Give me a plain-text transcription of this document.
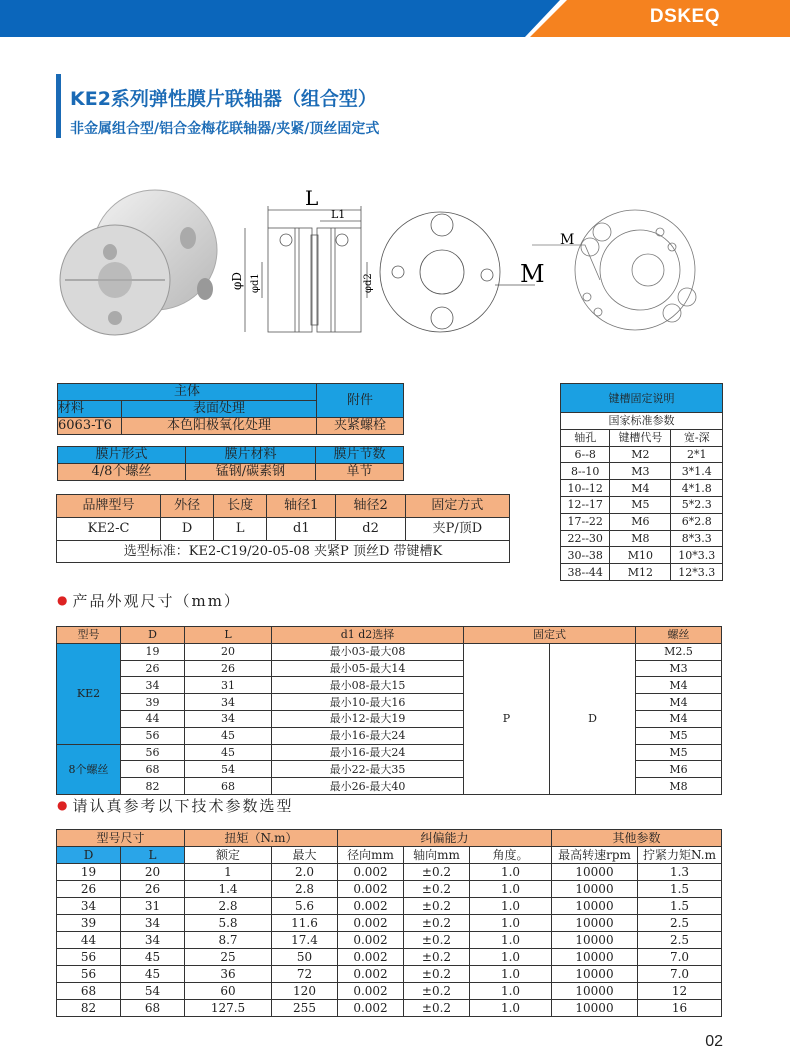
DSKEQ
KE2系列弹性膜片联轴器（组合型）
非金属组合型/铝合金梅花联轴器/夹紧/顶丝固定式
L
L1
φD φd1	φd2	M
M
主体		附件
材料	表面处理	
6063-T6	本色阳极氧化处理	夹紧螺栓
膜片形式	膜片材料	膜片节数
4/8个螺丝	锰钢/碳素钢	单节
品牌型号	外径	长度	轴径1	轴径2	固定方式
KE2-C	D	L	d1	d2	夹P/顶D
选型标准：KE2-C19/20-05-08 夹紧P 顶丝D 带键槽K					
键槽固定说明		
国家标准参数		
轴孔	键槽代号	宽-深
6--8	M2	2*1
8--10	M3	3*1.4
10--12	M4	4*1.8
12--17	M5	5*2.3
17--22	M6	6*2.8
22--30	M8	8*3.3
30--38	M10	10*3.3
38--44	M12	12*3.3
● 产品外观尺寸（mm）
型号	D	L	d1 d2选择	固定式		螺丝
KE2	19	20	最小03-最大08	P	D	M2.5
	26	26	最小05-最大14			M3
	34	31	最小08-最大15			M4
	39	34	最小10-最大16			M4
	44	34	最小12-最大19			M4
	56	45	最小16-最大24			M5
8个螺丝	56	45	最小16-最大24			M5
	68	54	最小22-最大35			M6
	82	68	最小26-最大40			M8
● 请认真参考以下技术参数选型
型号尺寸		扭矩（N.m）		纠偏能力			其他参数	
D	L	额定	最大	径向mm	轴向mm	角度。	最高转速rpm	拧紧力矩N.m
19	20	1	2.0	0.002	±0.2	1.0	10000	1.3
26	26	1.4	2.8	0.002	±0.2	1.0	10000	1.5
34	31	2.8	5.6	0.002	±0.2	1.0	10000	1.5
39	34	5.8	11.6	0.002	±0.2	1.0	10000	2.5
44	34	8.7	17.4	0.002	±0.2	1.0	10000	2.5
56	45	25	50	0.002	±0.2	1.0	10000	7.0
56	45	36	72	0.002	±0.2	1.0	10000	7.0
68	54	60	120	0.002	±0.2	1.0	10000	12
82	68	127.5	255	0.002	±0.2	1.0	10000	16
02
